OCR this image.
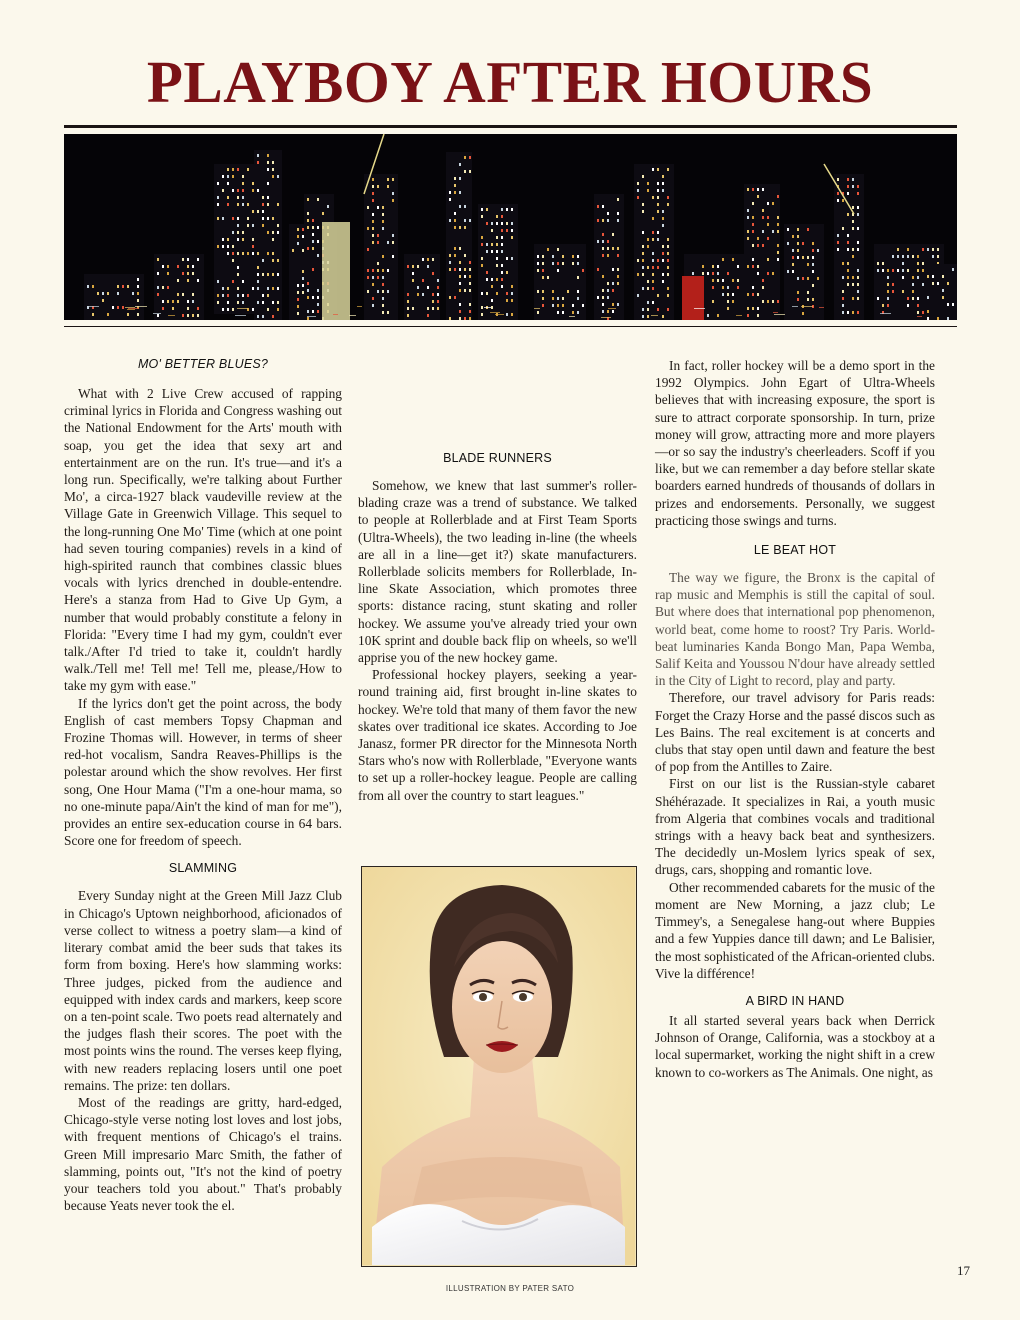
PLAYBOY AFTER HOURS
MO' BETTER BLUES?

What with 2 Live Crew accused of rapping criminal lyrics in Florida and Congress washing out the National Endowment for the Arts' mouth with soap, you get the idea that sexy art and entertainment are on the run. It's true—and it's a long run. Specifically, we're talking about Further Mo', a circa-1927 black vaudeville review at the Village Gate in Greenwich Village. This sequel to the long-running One Mo' Time (which at one point had seven touring companies) revels in a kind of high-spirited raunch that combines classic blues vocals with lyrics drenched in double-entendre. Here's a stanza from Had to Give Up Gym, a number that would probably constitute a felony in Florida: "Every time I had my gym, couldn't ever talk./After I'd tried to take it, couldn't hardly walk./Tell me! Tell me! Tell me, please,/How to take my gym with ease."

If the lyrics don't get the point across, the body English of cast members Topsy Chapman and Frozine Thomas will. However, in terms of sheer red-hot vocalism, Sandra Reaves-Phillips is the polestar around which the show revolves. Her first song, One Hour Mama ("I'm a one-hour mama, so no one-minute papa/Ain't the kind of man for me"), provides an entire sex-education course in 64 bars. Score one for freedom of speech.

SLAMMING

Every Sunday night at the Green Mill Jazz Club in Chicago's Uptown neighborhood, aficionados of verse collect to witness a poetry slam—a kind of literary combat amid the beer suds that takes its form from boxing. Here's how slamming works: Three judges, picked from the audience and equipped with index cards and markers, keep score on a ten-point scale. Two poets read alternately and the judges flash their scores. The poet with the most points wins the round. The verses keep flying, with new readers replacing losers until one poet remains. The prize: ten dollars.

Most of the readings are gritty, hard-edged, Chicago-style verse noting lost loves and lost jobs, with frequent mentions of Chicago's el trains. Green Mill impresario Marc Smith, the father of slamming, points out, "It's not the kind of poetry your teachers told you about." That's probably because Yeats never took the el.

BLADE RUNNERS

Somehow, we knew that last summer's roller-blading craze was a trend of substance. We talked to people at Rollerblade and at First Team Sports (Ultra-Wheels), the two leading in-line (the wheels are all in a line—get it?) skate manufacturers. Rollerblade solicits members for Rollerblade, In-line Skate Association, which promotes three sports: distance racing, stunt skating and roller hockey. We assume you've already tried your own 10K sprint and double back flip on wheels, so we'll apprise you of the new hockey game.

Professional hockey players, seeking a year-round training aid, first brought in-line skates to hockey. We're told that many of them favor the new skates over traditional ice skates. According to Joe Janasz, former PR director for the Minnesota North Stars who's now with Rollerblade, "Everyone wants to set up a roller-hockey league. People are calling from all over the country to start leagues."

In fact, roller hockey will be a demo sport in the 1992 Olympics. John Egart of Ultra-Wheels believes that with increasing exposure, the sport is sure to attract corporate sponsorship. In turn, prize money will grow, attracting more and more players—or so say the industry's cheerleaders. Scoff if you like, but we can remember a day before stellar skate boarders earned hundreds of thousands of dollars in prizes and endorsements. Personally, we suggest practicing those swings and turns.

LE BEAT HOT

The way we figure, the Bronx is the capital of rap music and Memphis is still the capital of soul. But where does that international pop phenomenon, world beat, come home to roost? Try Paris. World-beat luminaries Kanda Bongo Man, Papa Wemba, Salif Keita and Youssou N'dour have already settled in the City of Light to record, play and party.

Therefore, our travel advisory for Paris reads: Forget the Crazy Horse and the passé discos such as Les Bains. The real excitement is at concerts and clubs that stay open until dawn and feature the best of pop from the Antilles to Zaire.

First on our list is the Russian-style cabaret Shéhérazade. It specializes in Rai, a youth music from Algeria that combines vocals and traditional strings with a heavy back beat and synthesizers. The decidedly un-Moslem lyrics speak of sex, drugs, cars, shopping and romantic love.

Other recommended cabarets for the music of the moment are New Morning, a jazz club; Le Timmey's, a Senegalese hang-out where Buppies and a few Yuppies dance till dawn; and Le Balisier, the most sophisticated of the African-oriented clubs. Vive la différence!

A BIRD IN HAND

It all started several years back when Derrick Johnson of Orange, California, was a stockboy at a local supermarket, working the night shift in a crew known to co-workers as The Animals. One night, as

ILLUSTRATION BY PATER SATO
17
